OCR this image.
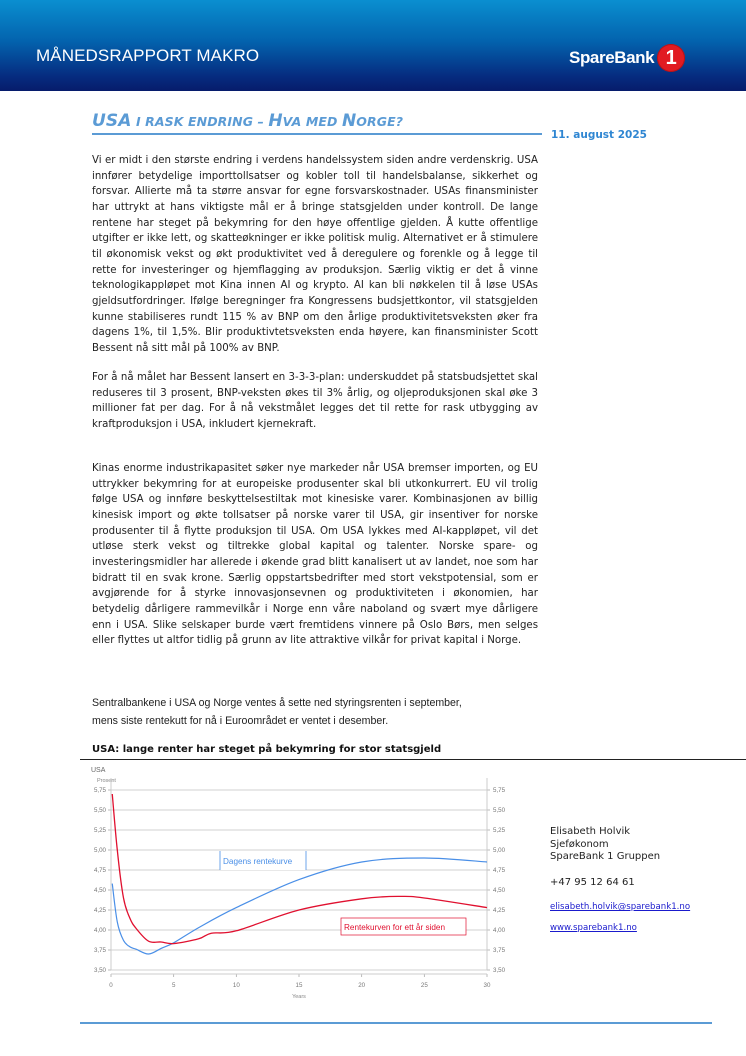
MÅNEDSRAPPORT MAKRO	SpareBank 1
USA I RASK ENDRING – HVA MED NORGE?
11. august 2025

Vi er midt i den største endring i verdens handelssystem siden andre verdenskrig. USA innfører betydelige importtollsatser og kobler toll til handelsbalanse, sikkerhet og forsvar. Allierte må ta større ansvar for egne forsvarskostnader. USAs finansminister har uttrykt at hans viktigste mål er å bringe statsgjelden under kontroll. De lange rentene har steget på bekymring for den høye offentlige gjelden. Å kutte offentlige utgifter er ikke lett, og skatteøkninger er ikke politisk mulig. Alternativet er å stimulere til økonomisk vekst og økt produktivitet ved å deregulere og forenkle og å legge til rette for investeringer og hjemflagging av produksjon. Særlig viktig er det å vinne teknologikappløpet mot Kina innen AI og krypto. AI kan bli nøkkelen til å løse USAs gjeldsutfordringer. Ifølge beregninger fra Kongressens budsjettkontor, vil statsgjelden kunne stabiliseres rundt 115 % av BNP om den årlige produktivitetsveksten øker fra dagens 1%, til 1,5%. Blir produktivtetsveksten enda høyere, kan finansminister Scott Bessent nå sitt mål på 100% av BNP.

For å nå målet har Bessent lansert en 3-3-3-plan: underskuddet på statsbudsjettet skal reduseres til 3 prosent, BNP-veksten økes til 3% årlig, og oljeproduksjonen skal øke 3 millioner fat per dag. For å nå vekstmålet legges det til rette for rask utbygging av kraftproduksjon i USA, inkludert kjernekraft.

Kinas enorme industrikapasitet søker nye markeder når USA bremser importen, og EU uttrykker bekymring for at europeiske produsenter skal bli utkonkurrert. EU vil trolig følge USA og innføre beskyttelsestiltak mot kinesiske varer. Kombinasjonen av billig kinesisk import og økte tollsatser på norske varer til USA, gir insentiver for norske produsenter til å flytte produksjon til USA. Om USA lykkes med AI-kappløpet, vil det utløse sterk vekst og tiltrekke global kapital og talenter. Norske spare- og investeringsmidler har allerede i økende grad blitt kanalisert ut av landet, noe som har bidratt til en svak krone. Særlig oppstartsbedrifter med stort vekstpotensial, som er avgjørende for å styrke innovasjonsevnen og produktiviteten i økonomien, har betydelig dårligere rammevilkår i Norge enn våre naboland og svært mye dårligere enn i USA. Slike selskaper burde vært fremtidens vinnere på Oslo Børs, men selges eller flyttes ut altfor tidlig på grunn av lite attraktive vilkår for privat kapital i Norge.

Sentralbankene i USA og Norge ventes å sette ned styringsrenten i september,
mens siste rentekutt for nå i Euroområdet er ventet i desember.

USA: lange renter har steget på bekymring for stor statsgjeld
USA
Prosent
3,50
3,75
4,00
4,25
4,50
4,75
5,00
5,25
5,50
5,75
3,50
3,75
4,00
4,25
4,50
4,75
5,00
5,25
5,50
5,75
0	5	10	15	20	25	30
Years
Dagens rentekurve
Rentekurven for ett år siden
Elisabeth Holvik
Sjeføkonom
SpareBank 1 Gruppen
+47 95 12 64 61
elisabeth.holvik@sparebank1.no
www.sparebank1.no
